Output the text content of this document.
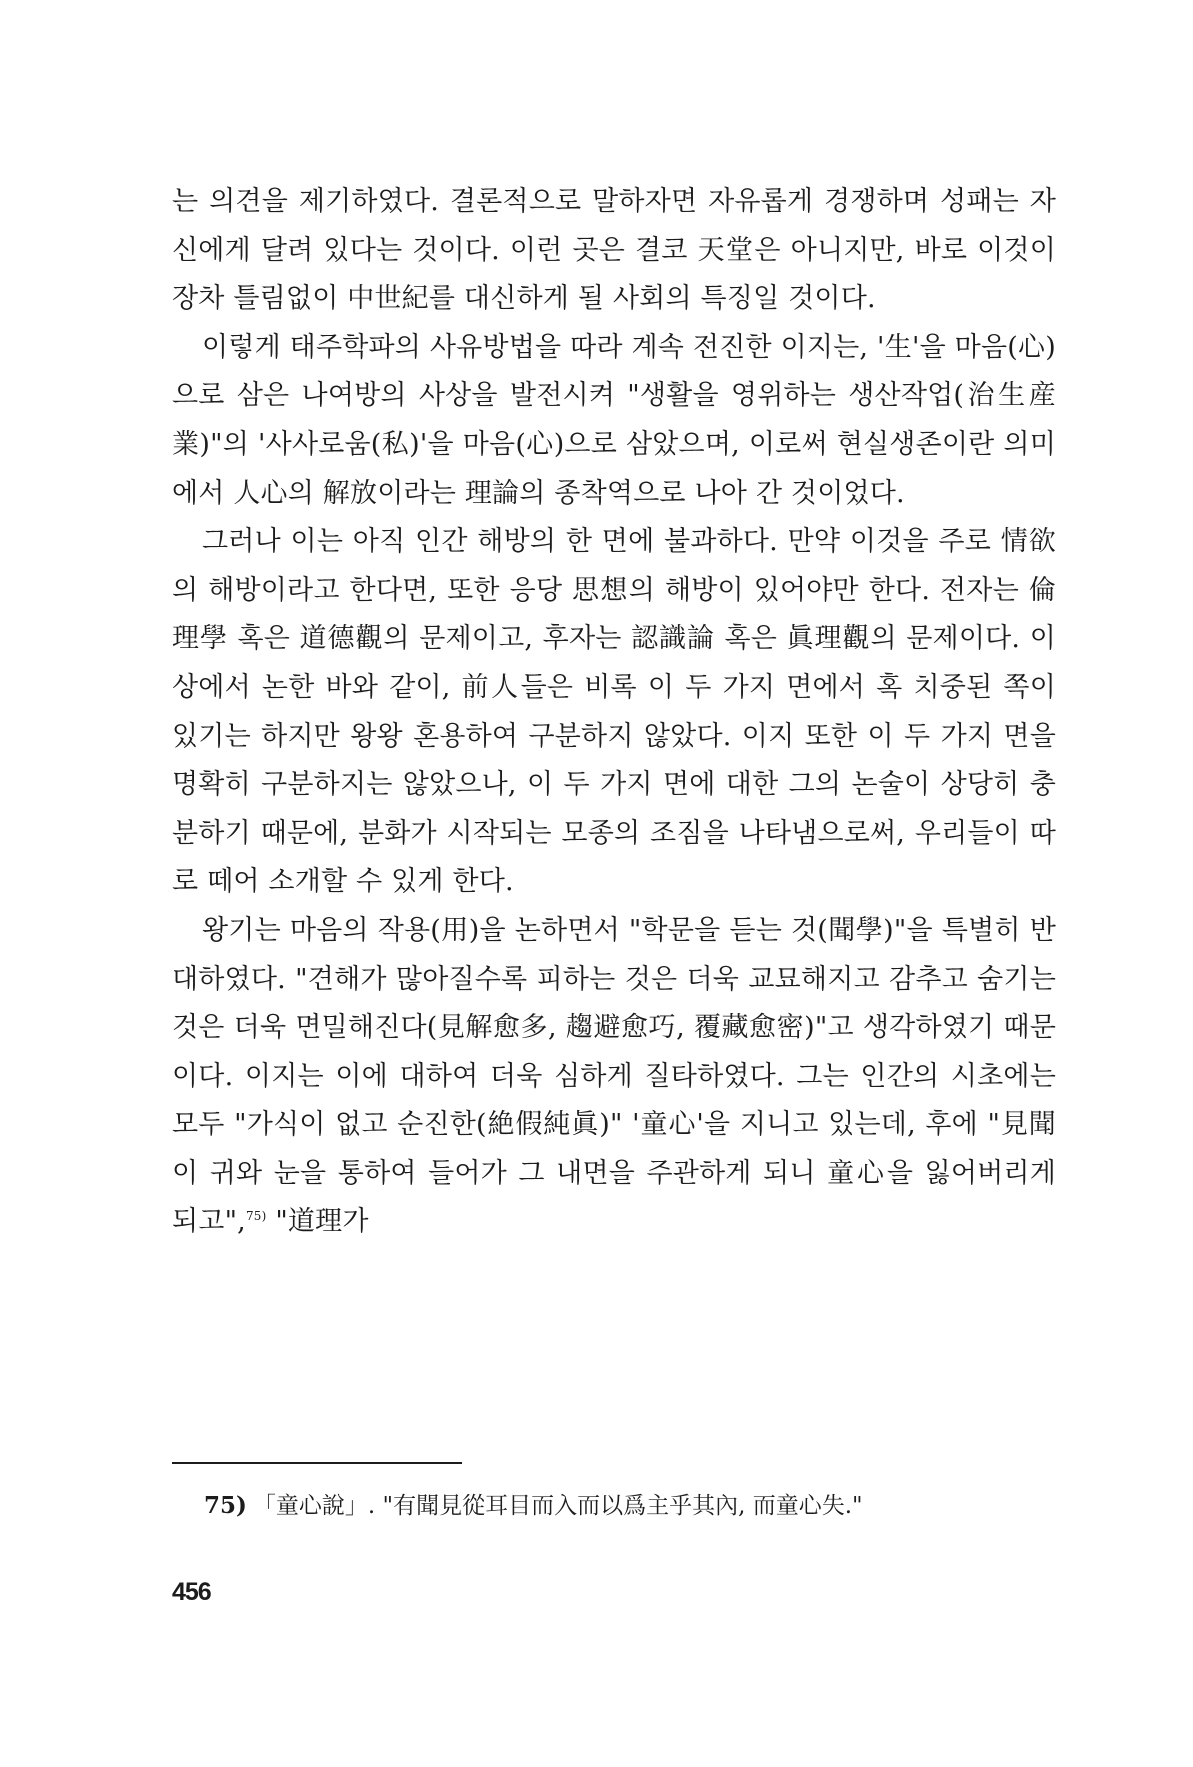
는 의견을 제기하였다. 결론적으로 말하자면 자유롭게 경쟁하며 성패는 자신에게 달려 있다는 것이다. 이런 곳은 결코 天堂은 아니지만, 바로 이것이 장차 틀림없이 中世紀를 대신하게 될 사회의 특징일 것이다.

이렇게 태주학파의 사유방법을 따라 계속 전진한 이지는, '生'을 마음(心)으로 삼은 나여방의 사상을 발전시켜 "생활을 영위하는 생산작업(治生産業)"의 '사사로움(私)'을 마음(心)으로 삼았으며, 이로써 현실생존이란 의미에서 人心의 解放이라는 理論의 종착역으로 나아 간 것이었다.

그러나 이는 아직 인간 해방의 한 면에 불과하다. 만약 이것을 주로 情欲의 해방이라고 한다면, 또한 응당 思想의 해방이 있어야만 한다. 전자는 倫理學 혹은 道德觀의 문제이고, 후자는 認識論 혹은 眞理觀의 문제이다. 이상에서 논한 바와 같이, 前人들은 비록 이 두 가지 면에서 혹 치중된 쪽이 있기는 하지만 왕왕 혼용하여 구분하지 않았다. 이지 또한 이 두 가지 면을 명확히 구분하지는 않았으나, 이 두 가지 면에 대한 그의 논술이 상당히 충분하기 때문에, 분화가 시작되는 모종의 조짐을 나타냄으로써, 우리들이 따로 떼어 소개할 수 있게 한다.

왕기는 마음의 작용(用)을 논하면서 "학문을 듣는 것(聞學)"을 특별히 반대하였다. "견해가 많아질수록 피하는 것은 더욱 교묘해지고 감추고 숨기는 것은 더욱 면밀해진다(見解愈多, 趨避愈巧, 覆藏愈密)"고 생각하였기 때문이다. 이지는 이에 대하여 더욱 심하게 질타하였다. 그는 인간의 시초에는 모두 "가식이 없고 순진한(絶假純眞)" '童心'을 지니고 있는데, 후에 "見聞이 귀와 눈을 통하여 들어가 그 내면을 주관하게 되니 童心을 잃어버리게 되고",$^{75)}$ "道理가

75) 「童心說」. "有聞見從耳目而入而以爲主乎其內, 而童心失."
456
